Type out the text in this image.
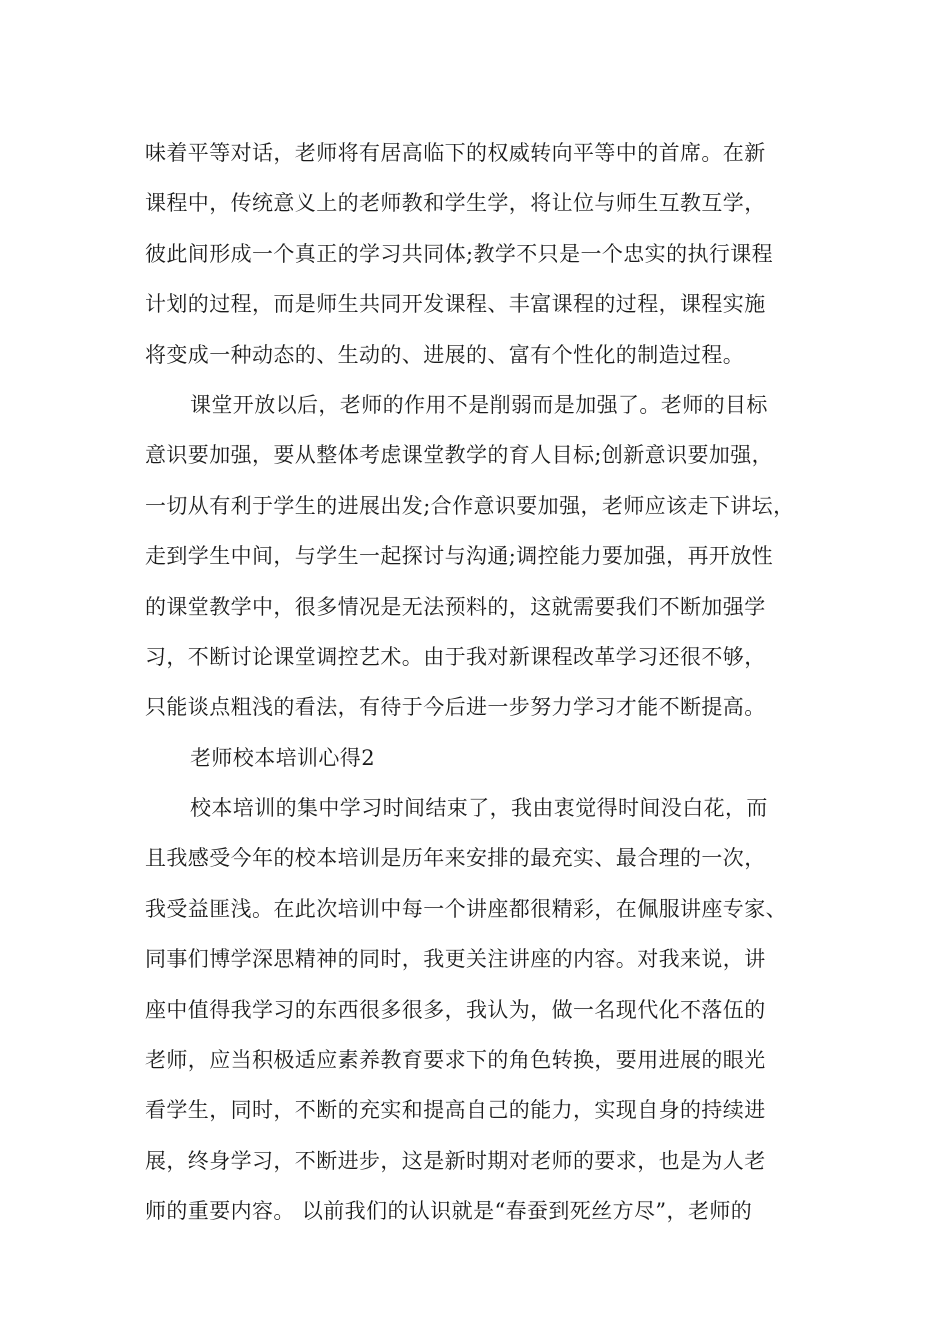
味着平等对话，老师将有居高临下的权威转向平等中的首席。在新
课程中，传统意义上的老师教和学生学，将让位与师生互教互学，
彼此间形成一个真正的学习共同体;教学不只是一个忠实的执行课程
计划的过程，而是师生共同开发课程、丰富课程的过程，课程实施
将变成一种动态的、生动的、进展的、富有个性化的制造过程。
课堂开放以后，老师的作用不是削弱而是加强了。老师的目标
意识要加强，要从整体考虑课堂教学的育人目标;创新意识要加强，
一切从有利于学生的进展出发;合作意识要加强，老师应该走下讲坛，
走到学生中间，与学生一起探讨与沟通;调控能力要加强，再开放性
的课堂教学中，很多情况是无法预料的，这就需要我们不断加强学
习，不断讨论课堂调控艺术。由于我对新课程改革学习还很不够，
只能谈点粗浅的看法，有待于今后进一步努力学习才能不断提高。
老师校本培训心得2
校本培训的集中学习时间结束了，我由衷觉得时间没白花，而
且我感受今年的校本培训是历年来安排的最充实、最合理的一次，
我受益匪浅。在此次培训中每一个讲座都很精彩，在佩服讲座专家、
同事们博学深思精神的同时，我更关注讲座的内容。对我来说，讲
座中值得我学习的东西很多很多，我认为，做一名现代化不落伍的
老师，应当积极适应素养教育要求下的角色转换，要用进展的眼光
看学生，同时，不断的充实和提高自己的能力，实现自身的持续进
展，终身学习，不断进步，这是新时期对老师的要求，也是为人老
师的重要内容。 以前我们的认识就是“春蚕到死丝方尽”，老师的
